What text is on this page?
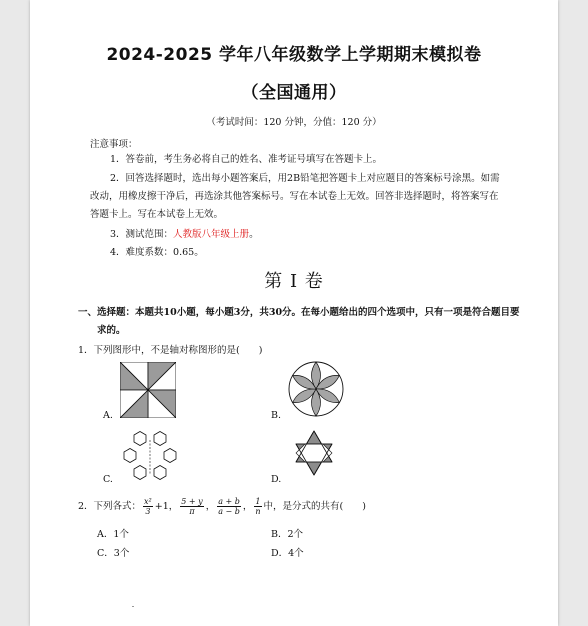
2024-2025 学年八年级数学上学期期末模拟卷
（全国通用）
（考试时间：120 分钟，分值：120 分）
注意事项：
1．答卷前，考生务必将自己的姓名、准考证号填写在答题卡上。
2．回答选择题时，选出每小题答案后，用2B铅笔把答题卡上对应题目的答案标号涂黑。如需
改动，用橡皮擦干净后，再选涂其他答案标号。写在本试卷上无效。回答非选择题时，将答案写在
答题卡上。写在本试卷上无效。
3．测试范围：人教版八年级上册。
4．难度系数：0.65。
第 I 卷
一、选择题：本题共10小题，每小题3分，共30分。在每小题给出的四个选项中，只有一项是符合题目要
求的。
1．下列图形中，不是轴对称图形的是(　　)
A.	B.
C.	D.
2．下列各式： $\frac{\text{x²}}{3} +1$， $\frac{5 + y}{\pi}$ ， $\frac{a + b}{a - b}$ ， $\frac{1}{n}$ 中，是分式的共有(　　)
A．1个	B．2个
C．3个	D．4个
